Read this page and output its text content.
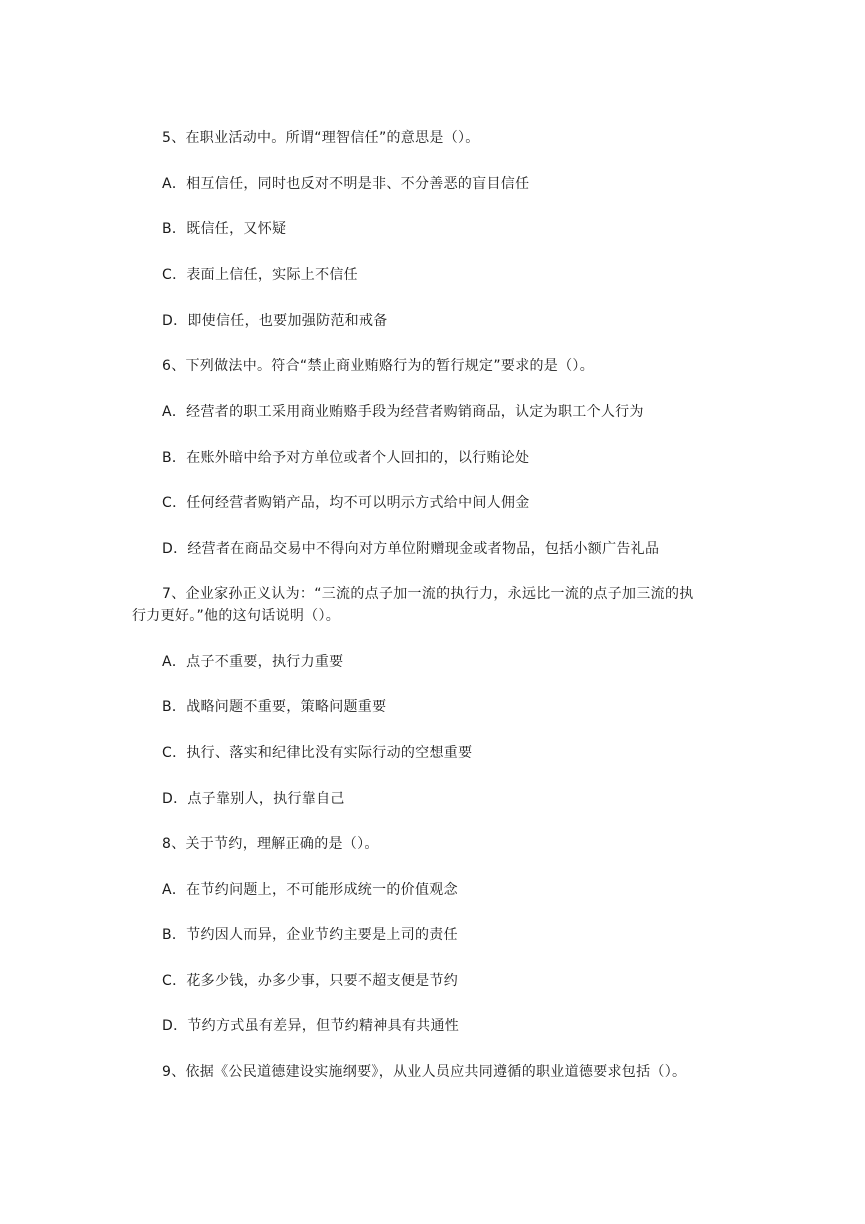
5、在职业活动中。所谓“理智信任”的意思是（）。
A．相互信任，同时也反对不明是非、不分善恶的盲目信任
B．既信任，又怀疑
C．表面上信任，实际上不信任
D．即使信任，也要加强防范和戒备
6、下列做法中。符合“禁止商业贿赂行为的暂行规定”要求的是（）。
A．经营者的职工采用商业贿赂手段为经营者购销商品，认定为职工个人行为
B．在账外暗中给予对方单位或者个人回扣的，以行贿论处
C．任何经营者购销产品，均不可以明示方式给中间人佣金
D．经营者在商品交易中不得向对方单位附赠现金或者物品，包括小额广告礼品
7、企业家孙正义认为：“三流的点子加一流的执行力，永远比一流的点子加三流的执
行力更好。”他的这句话说明（）。
A．点子不重要，执行力重要
B．战略问题不重要，策略问题重要
C．执行、落实和纪律比没有实际行动的空想重要
D．点子靠别人，执行靠自己
8、关于节约，理解正确的是（）。
A．在节约问题上，不可能形成统一的价值观念
B．节约因人而异，企业节约主要是上司的责任
C．花多少钱，办多少事，只要不超支便是节约
D．节约方式虽有差异，但节约精神具有共通性
9、依据《公民道德建设实施纲要》，从业人员应共同遵循的职业道德要求包括（）。
